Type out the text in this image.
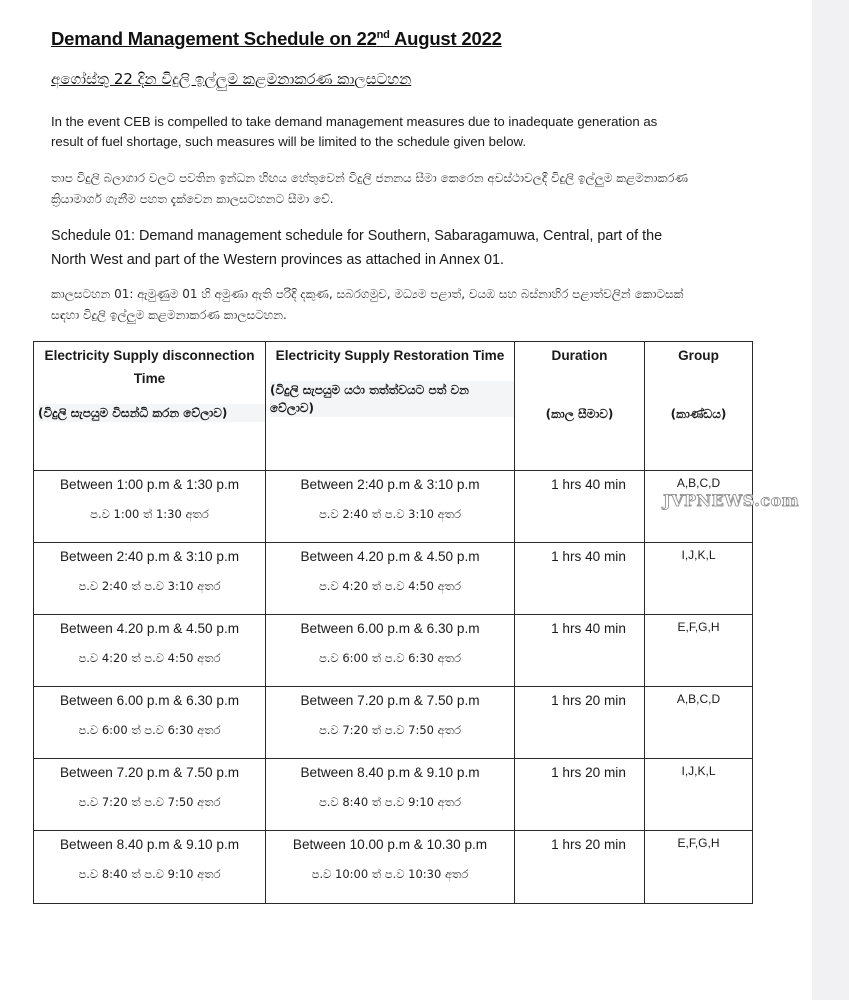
Demand Management Schedule on 22nd August 2022
අගෝස්තු 22 දින විදුලි ඉල්ලුම කළමනාකරණ කාලසටහන
In the event CEB is compelled to take demand management measures due to inadequate generation as result of fuel shortage, such measures will be limited to the schedule given below.
තාප විදුලි බලාගාර වලට පවතින ඉන්ධන හිඟය හේතුවෙන් විදුලි ජනනය සීමා කෙරෙන අවස්ථාවලදී විදුලි ඉල්ලුම කළමනාකරණ ක්‍රියාමාර්ග ගැනීම පහත දැක්වෙන කාලසටහනට සීමා වේ.
Schedule 01: Demand management schedule for Southern, Sabaragamuwa, Central, part of the North West and part of the Western provinces as attached in Annex 01.
කාලසටහන 01: ඇමුණුම 01 හි අමුණා ඇති පරිදි දකුණ, සබරගමුව, මධ්‍යම පළාත්, වයඹ සහ බස්නාහිර පළාත්වලින් කොටසක් සඳහා විදුලි ඉල්ලුම කළමනාකරණ කාලසටහන.
Electricity Supply disconnection Time
(විදුලි සැපයුම විසන්ධි කරන වේලාව)	Electricity Supply Restoration Time
(විදුලි සැපයුම යථා තත්ත්වයට පත් වන වේලාව)	Duration
(කාල සීමාව)	Group
(කාණ්ඩය)

Between 1:00 p.m & 1:30 p.m
ප.ව 1:00 ත් 1:30 අතර	Between 2:40 p.m & 3:10 p.m
ප.ව 2:40 ත් ප.ව 3:10 අතර	1 hrs 40 min	A,B,C,D

Between 2:40 p.m & 3:10 p.m
ප.ව 2:40 ත් ප.ව 3:10 අතර	Between 4.20 p.m & 4.50 p.m
ප.ව 4:20 ත් ප.ව 4:50 අතර	1 hrs 40 min	I,J,K,L

Between 4.20 p.m & 4.50 p.m
ප.ව 4:20 ත් ප.ව 4:50 අතර	Between 6.00 p.m & 6.30 p.m
ප.ව 6:00 ත් ප.ව 6:30 අතර	1 hrs 40 min	E,F,G,H

Between 6.00 p.m & 6.30 p.m
ප.ව 6:00 ත් ප.ව 6:30 අතර	Between 7.20 p.m & 7.50 p.m
ප.ව 7:20 ත් ප.ව 7:50 අතර	1 hrs 20 min	A,B,C,D

Between 7.20 p.m & 7.50 p.m
ප.ව 7:20 ත් ප.ව 7:50 අතර	Between 8.40 p.m & 9.10 p.m
ප.ව 8:40 ත් ප.ව 9:10 අතර	1 hrs 20 min	I,J,K,L

Between 8.40 p.m & 9.10 p.m
ප.ව 8:40 ත් ප.ව 9:10 අතර	Between 10.00 p.m & 10.30 p.m
ප.ව 10:00 ත් ප.ව 10:30 අතර	1 hrs 20 min	E,F,G,H
JVPNEWS.com
